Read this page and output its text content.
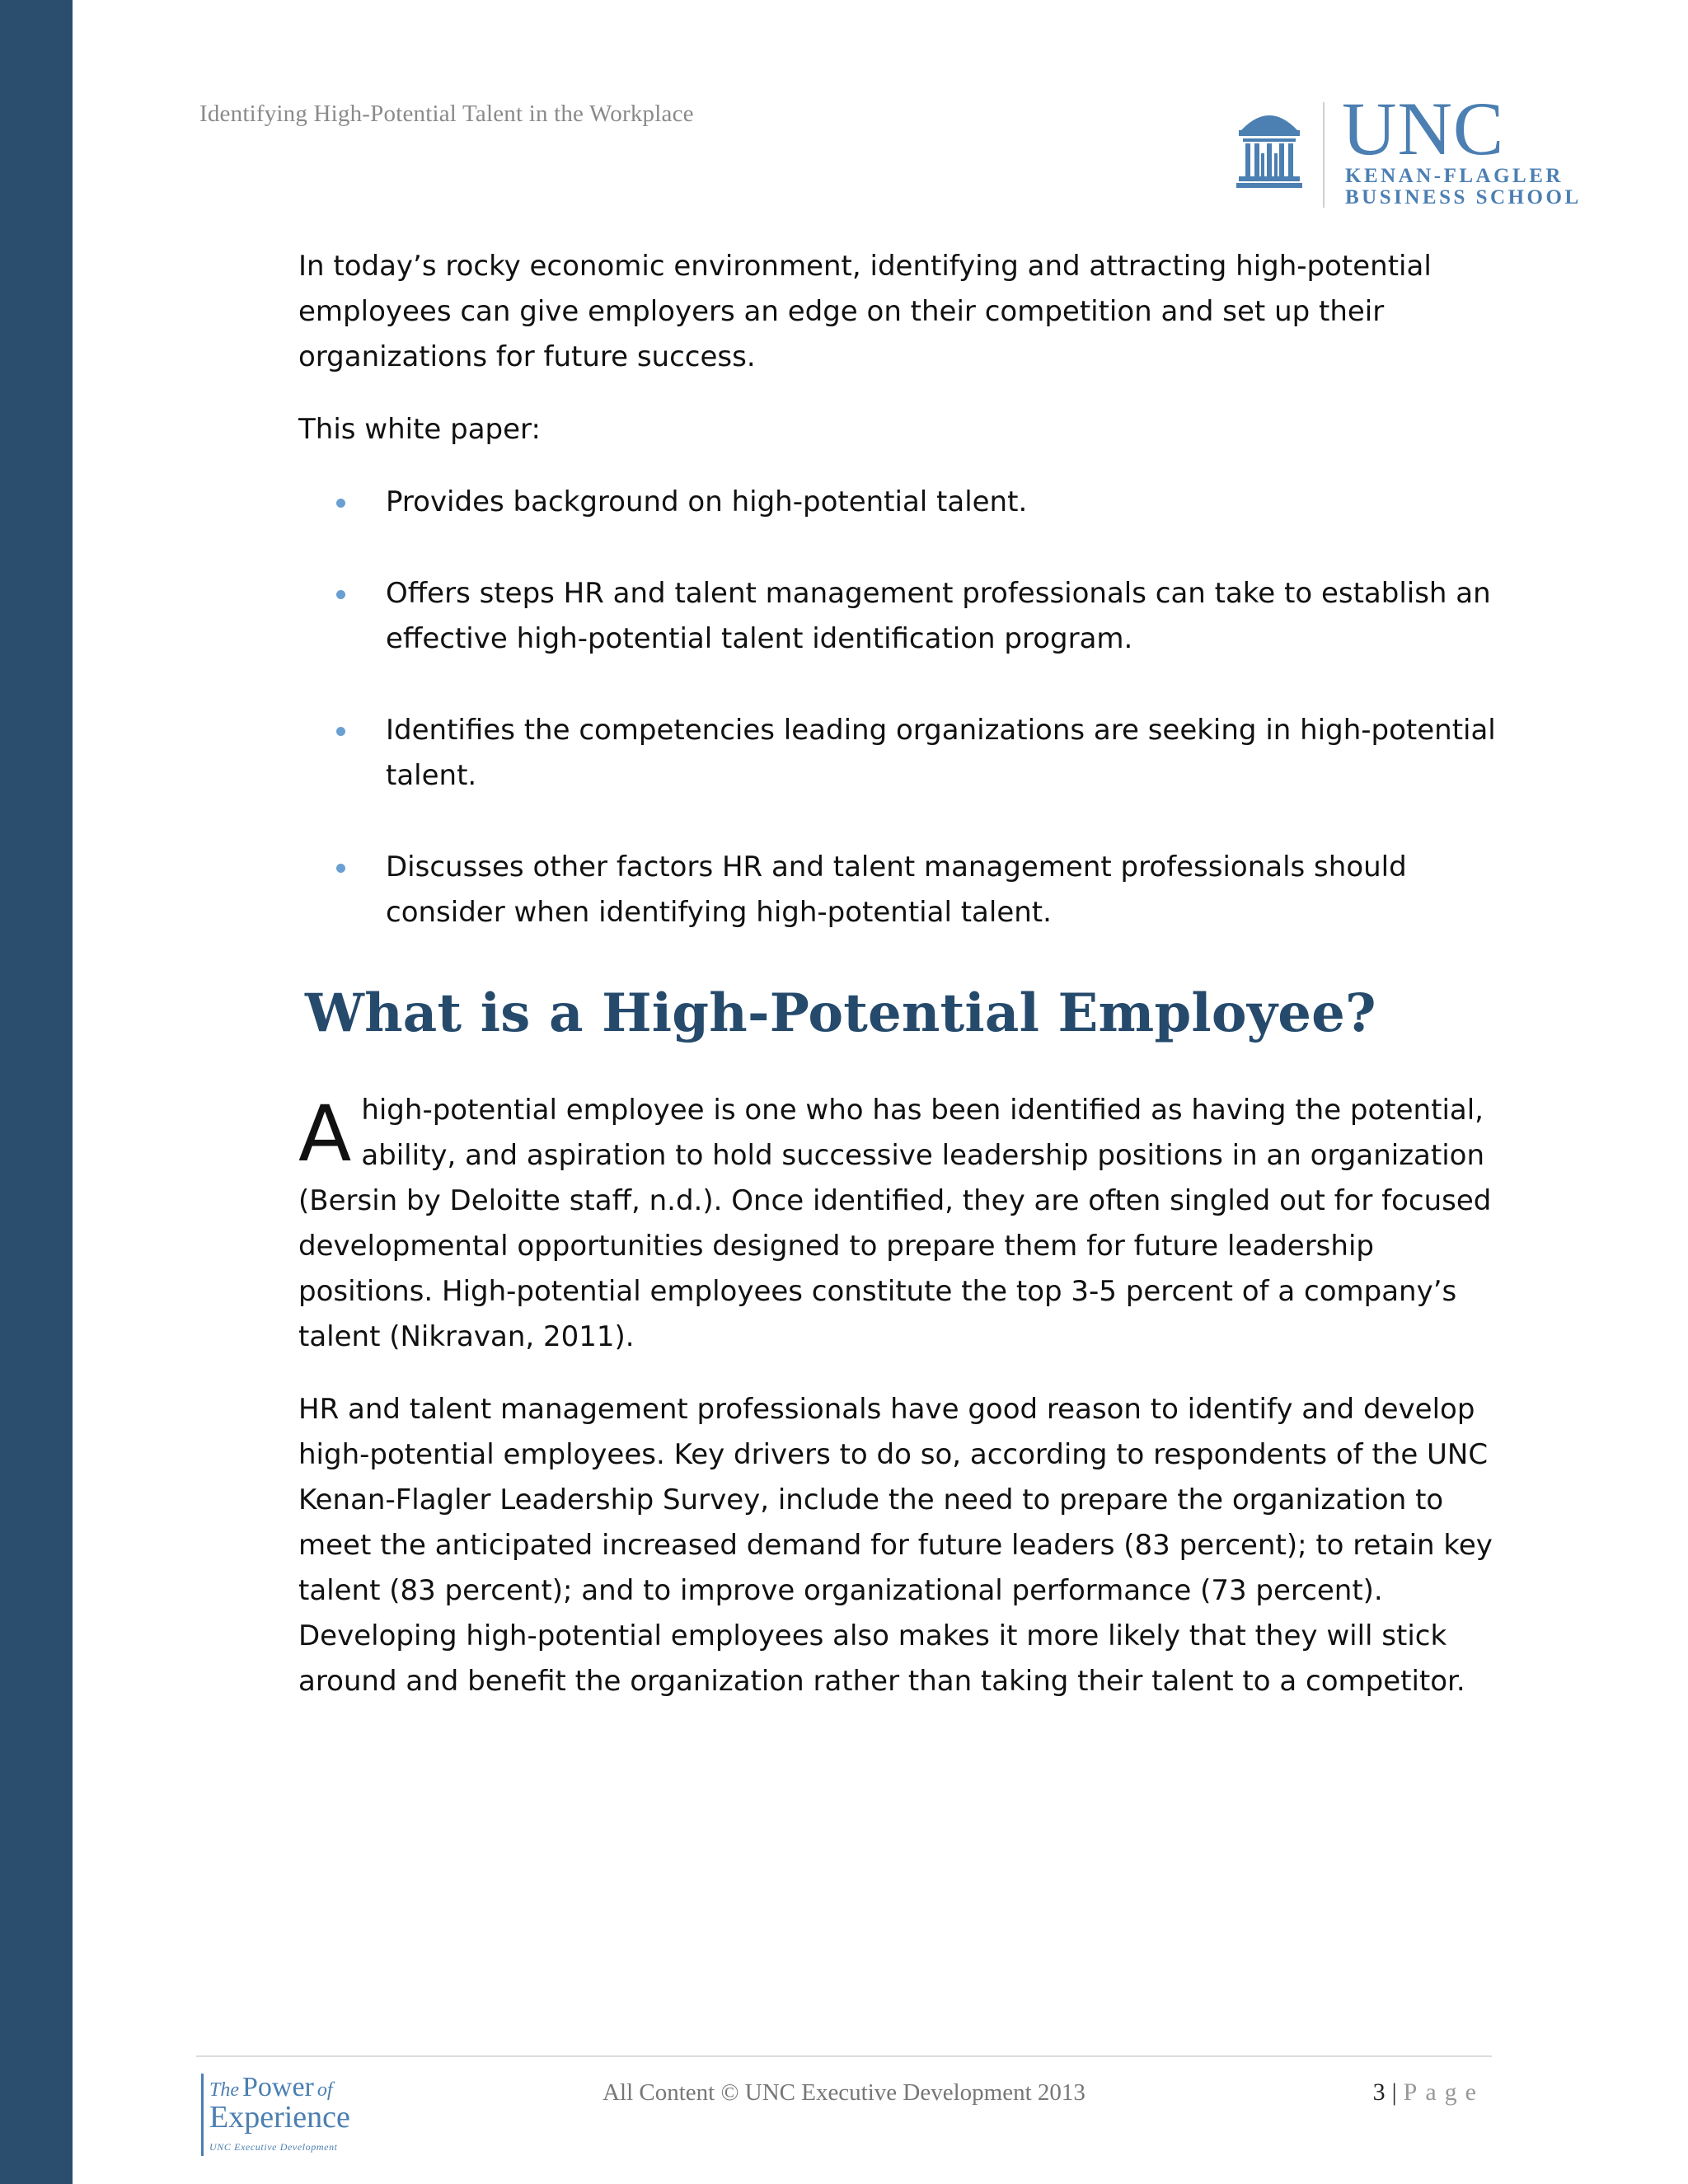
Identifying High-Potential Talent in the Workplace	UNC
KENAN-FLAGLER
BUSINESS SCHOOL

In today’s rocky economic environment, identifying and attracting high-potential employees can give employers an edge on their competition and set up their organizations for future success.

This white paper:

Provides background on high-potential talent.
Offers steps HR and talent management professionals can take to establish an effective high-potential talent identification program.
Identifies the competencies leading organizations are seeking in high-potential talent.
Discusses other factors HR and talent management professionals should consider when identifying high-potential talent.
What is a High-Potential Employee?

A high-potential employee is one who has been identified as having the potential, ability, and aspiration to hold successive leadership positions in an organization (Bersin by Deloitte staff, n.d.). Once identified, they are often singled out for focused developmental opportunities designed to prepare them for future leadership positions. High-potential employees constitute the top 3-5 percent of a company’s talent (Nikravan, 2011).

HR and talent management professionals have good reason to identify and develop high-potential employees. Key drivers to do so, according to respondents of the UNC Kenan-Flagler Leadership Survey, include the need to prepare the organization to meet the anticipated increased demand for future leaders (83 percent); to retain key talent (83 percent); and to improve organizational performance (73 percent). Developing high-potential employees also makes it more likely that they will stick around and benefit the organization rather than taking their talent to a competitor.

The Power of
Experience
UNC Executive Development
All Content © UNC Executive Development 2013	3 | Page
